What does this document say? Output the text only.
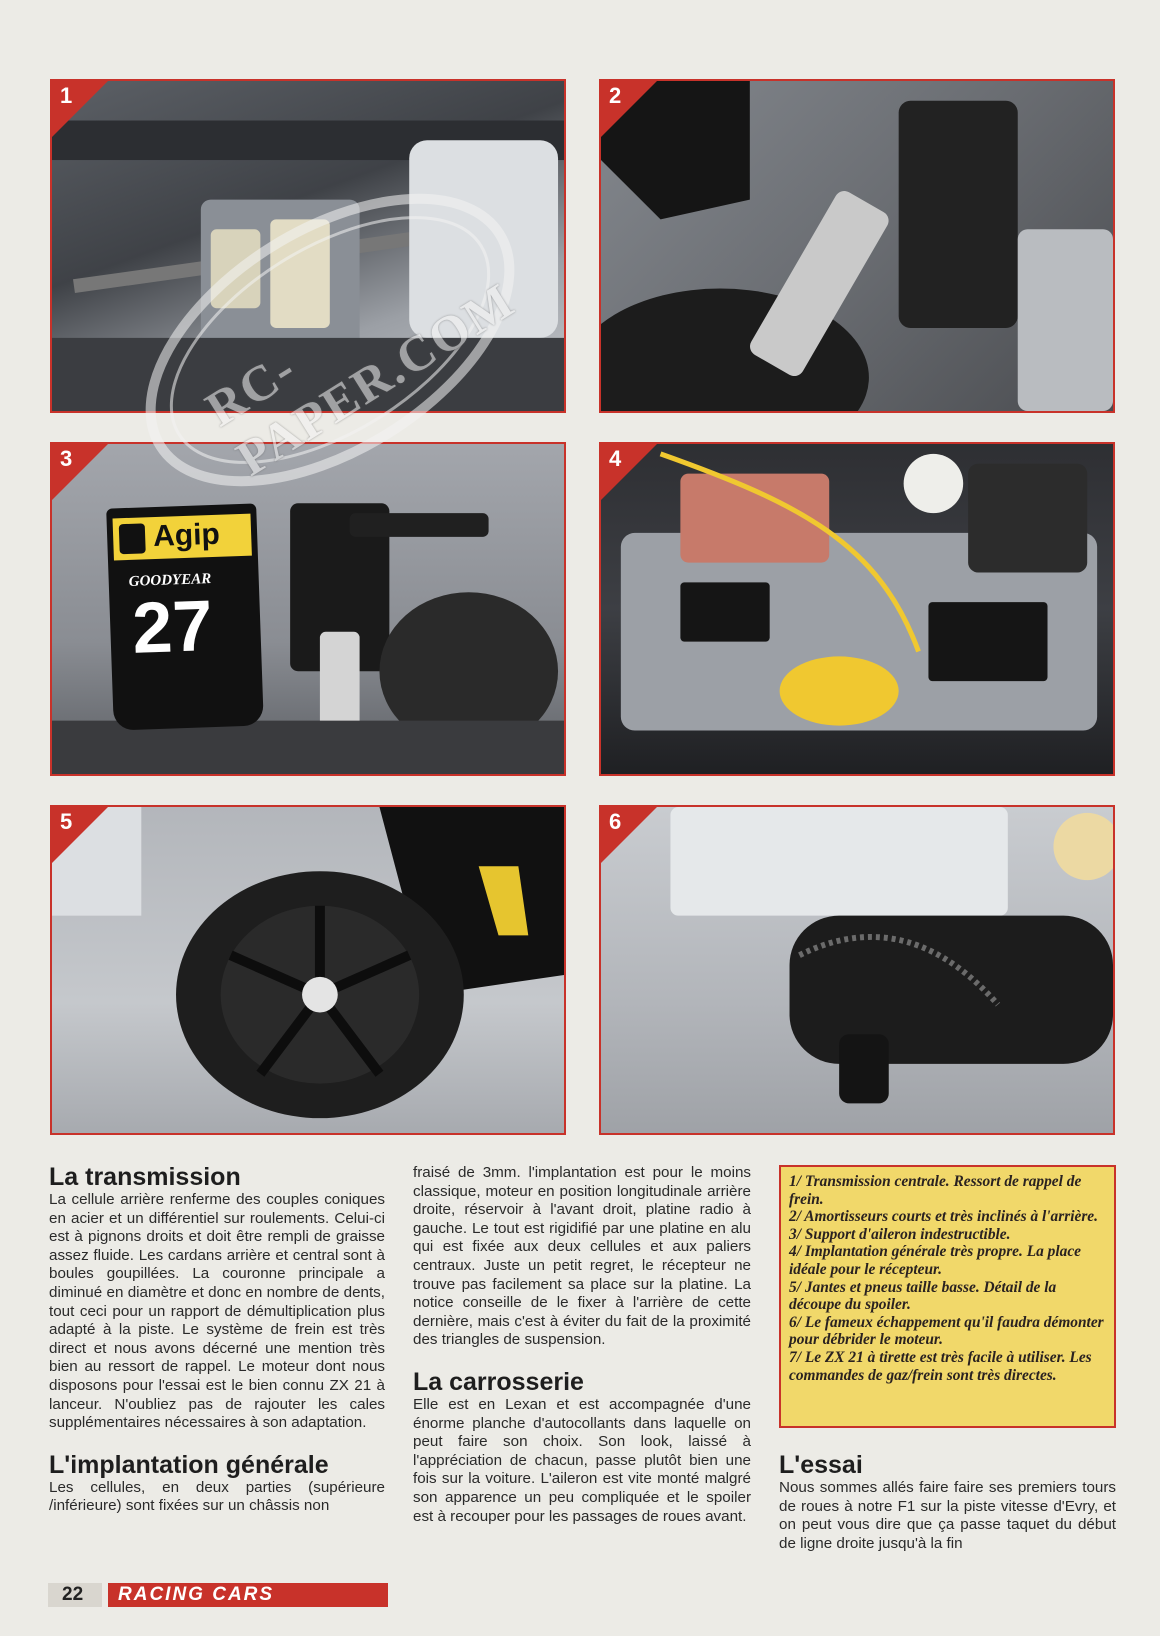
1	2
Agip
GOODYEAR
27
3	4
5	6
RC-PAPER.COM
La transmission

La cellule arrière renferme des couples coniques en acier et un différentiel sur roulements. Celui-ci est à pignons droits et doit être rempli de graisse assez fluide. Les cardans arrière et central sont à boules goupillées. La couronne principale a diminué en diamètre et donc en nombre de dents, tout ceci pour un rapport de démultiplication plus adapté à la piste. Le système de frein est très direct et nous avons décerné une mention très bien au ressort de rappel. Le moteur dont nous disposons pour l'essai est le bien connu ZX 21 à lanceur. N'oubliez pas de rajouter les cales supplémentaires nécessaires à son adaptation.

L'implantation générale

Les cellules, en deux parties (supérieure /inférieure) sont fixées sur un châssis non

fraisé de 3mm. l'implantation est pour le moins classique, moteur en position longitudinale arrière droite, réservoir à l'avant droit, platine radio à gauche. Le tout est rigidifié par une platine en alu qui est fixée aux deux cellules et aux paliers centraux. Juste un petit regret, le récepteur ne trouve pas facilement sa place sur la platine. La notice conseille de le fixer à l'arrière de cette dernière, mais c'est à éviter du fait de la proximité des triangles de suspension.

La carrosserie

Elle est en Lexan et est accompagnée d'une énorme planche d'autocollants dans laquelle on peut faire son choix. Son look, laissé à l'appréciation de chacun, passe plutôt bien une fois sur la voiture. L'aileron est vite monté malgré son apparence un peu compliquée et le spoiler est à recouper pour les passages de roues avant.

1/ Transmission centrale. Ressort de rappel de frein.

2/ Amortisseurs courts et très inclinés à l'arrière.

3/ Support d'aileron indestructible.

4/ Implantation générale très propre. La place idéale pour le récepteur.

5/ Jantes et pneus taille basse. Détail de la découpe du spoiler.

6/ Le fameux échappement qu'il faudra démonter pour débrider le moteur.

7/ Le ZX 21 à tirette est très facile à utiliser. Les commandes de gaz/frein sont très directes.

L'essai

Nous sommes allés faire faire ses premiers tours de roues à notre F1 sur la piste vitesse d'Evry, et on peut vous dire que ça passe taquet du début de ligne droite jusqu'à la fin

22	RACING CARS
